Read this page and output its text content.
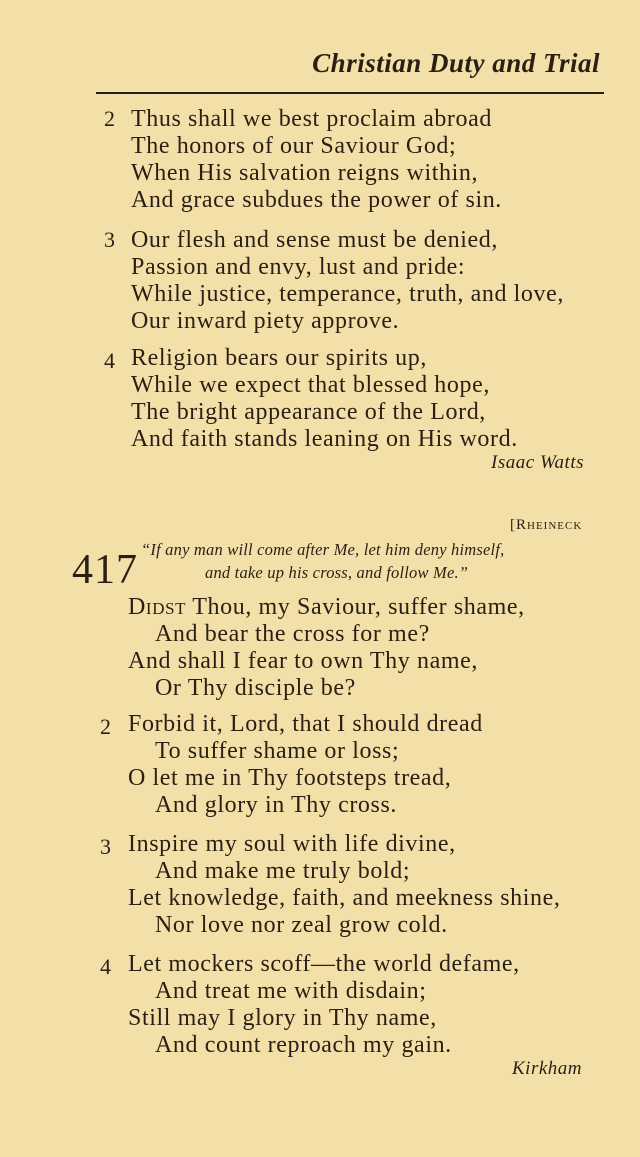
Christian Duty and Trial
2 Thus shall we best proclaim abroad
The honors of our Saviour God;
When His salvation reigns within,
And grace subdues the power of sin.
3 Our flesh and sense must be denied,
Passion and envy, lust and pride:
While justice, temperance, truth, and love,
Our inward piety approve.
4 Religion bears our spirits up,
While we expect that blessed hope,
The bright appearance of the Lord,
And faith stands leaning on His word.
Isaac Watts
[Rheineck
417 “If any man will come after Me, let him deny himself,
and take up his cross, and follow Me.”
Didst Thou, my Saviour, suffer shame,
And bear the cross for me?
And shall I fear to own Thy name,
Or Thy disciple be?
2 Forbid it, Lord, that I should dread
To suffer shame or loss;
O let me in Thy footsteps tread,
And glory in Thy cross.
3 Inspire my soul with life divine,
And make me truly bold;
Let knowledge, faith, and meekness shine,
Nor love nor zeal grow cold.
4 Let mockers scoff—the world defame,
And treat me with disdain;
Still may I glory in Thy name,
And count reproach my gain.
Kirkham
